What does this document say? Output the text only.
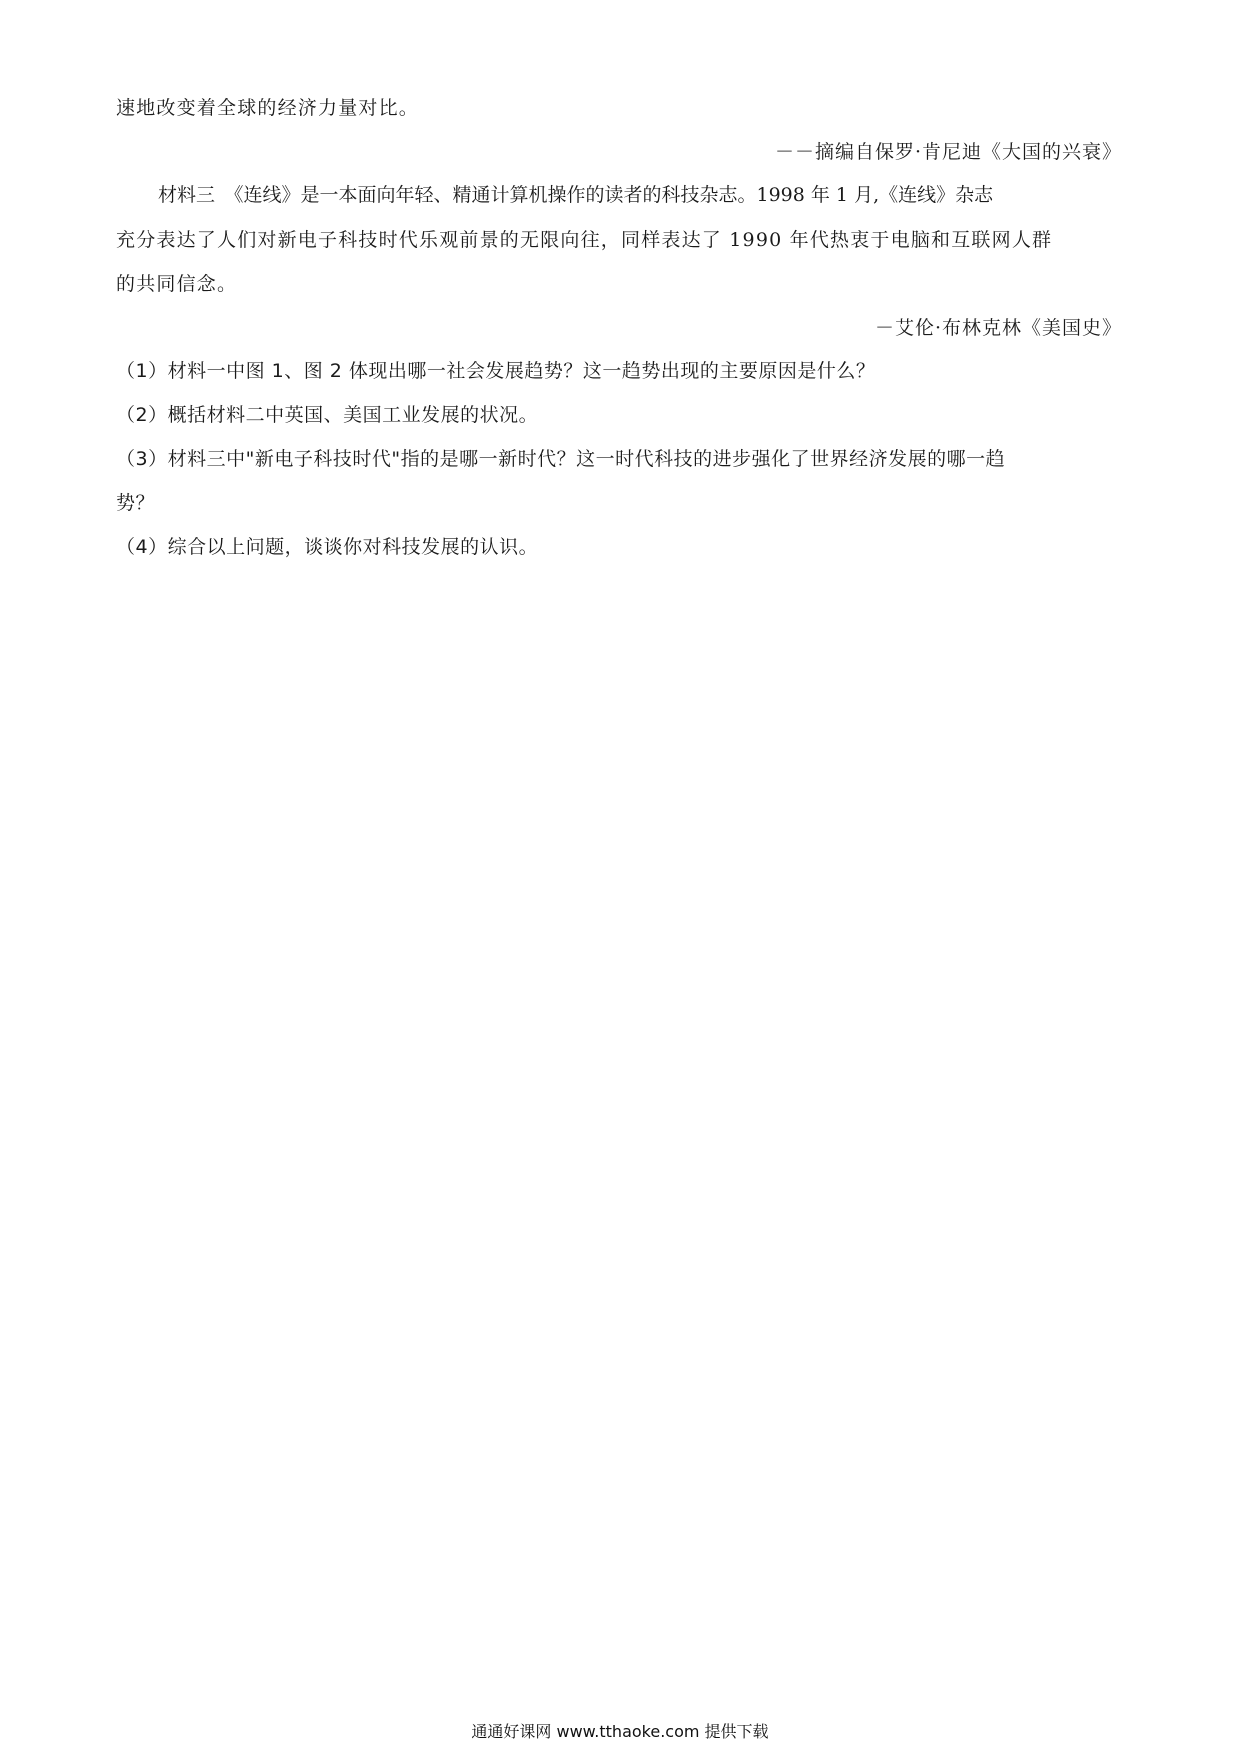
速地改变着全球的经济力量对比。
－－摘编自保罗·肯尼迪《大国的兴衰》
材料三　《连线》是一本面向年轻、精通计算机操作的读者的科技杂志。1998 年 1 月,《连线》杂志
充分表达了人们对新电子科技时代乐观前景的无限向往，同样表达了 1990 年代热衷于电脑和互联网人群
的共同信念。
－艾伦·布林克林《美国史》
（1）材料一中图 1、图 2 体现出哪一社会发展趋势？这一趋势出现的主要原因是什么？
（2）概括材料二中英国、美国工业发展的状况。
（3）材料三中"新电子科技时代"指的是哪一新时代？这一时代科技的进步强化了世界经济发展的哪一趋
势？
（4）综合以上问题，谈谈你对科技发展的认识。
通通好课网 www.tthaoke.com 提供下载
